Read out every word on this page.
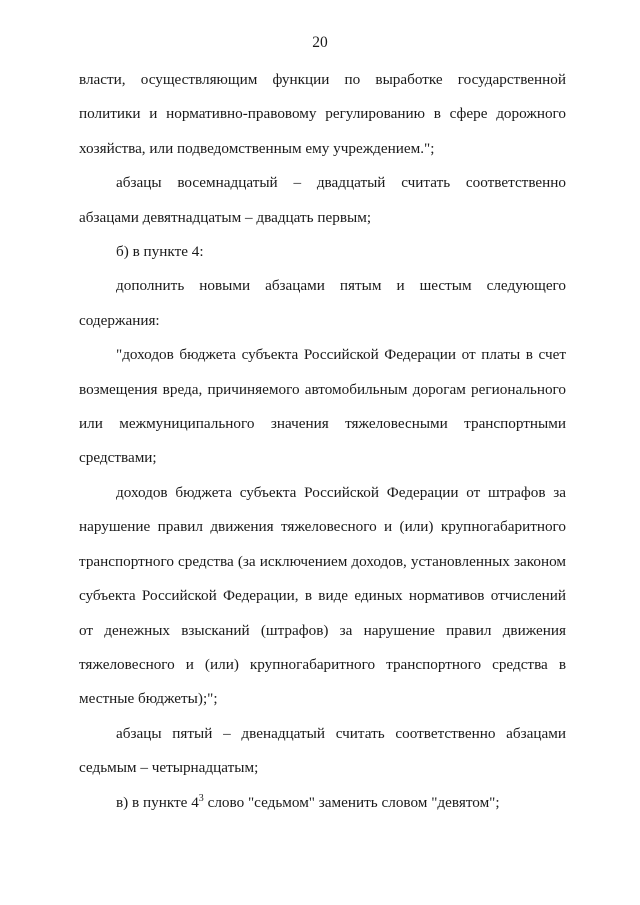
20

власти, осуществляющим функции по выработке государственной политики и нормативно-правовому регулированию в сфере дорожного хозяйства, или подведомственным ему учреждением.";

абзацы восемнадцатый – двадцатый считать соответственно абзацами девятнадцатым – двадцать первым;

б) в пункте 4:

дополнить новыми абзацами пятым и шестым следующего содержания:

"доходов бюджета субъекта Российской Федерации от платы в счет возмещения вреда, причиняемого автомобильным дорогам регионального или межмуниципального значения тяжеловесными транспортными средствами;

доходов бюджета субъекта Российской Федерации от штрафов за нарушение правил движения тяжеловесного и (или) крупногабаритного транспортного средства (за исключением доходов, установленных законом субъекта Российской Федерации, в виде единых нормативов отчислений от денежных взысканий (штрафов) за нарушение правил движения тяжеловесного и (или) крупногабаритного транспортного средства в местные бюджеты);";

абзацы пятый – двенадцатый считать соответственно абзацами седьмым – четырнадцатым;

в) в пункте $4^3$ слово "седьмом" заменить словом "девятом";
